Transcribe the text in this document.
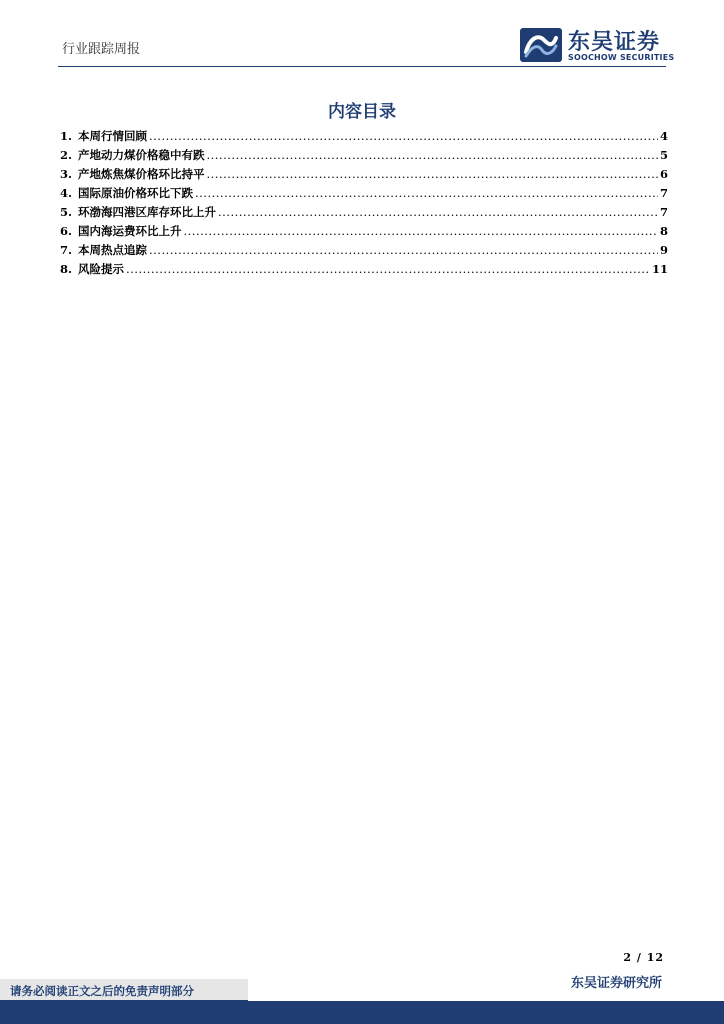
行业跟踪周报	东吴证券
SOOCHOW SECURITIES
内容目录
1. 本周行情回顾 .....	4
2. 产地动力煤价格稳中有跌 .....	5
3. 产地炼焦煤价格环比持平 .....	6
4. 国际原油价格环比下跌 .....	7
5. 环渤海四港区库存环比上升 .....	7
6. 国内海运费环比上升 .....	8
7. 本周热点追踪 .....	9
8. 风险提示 .....	11
2 / 12
东吴证券研究所
请务必阅读正文之后的免责声明部分
